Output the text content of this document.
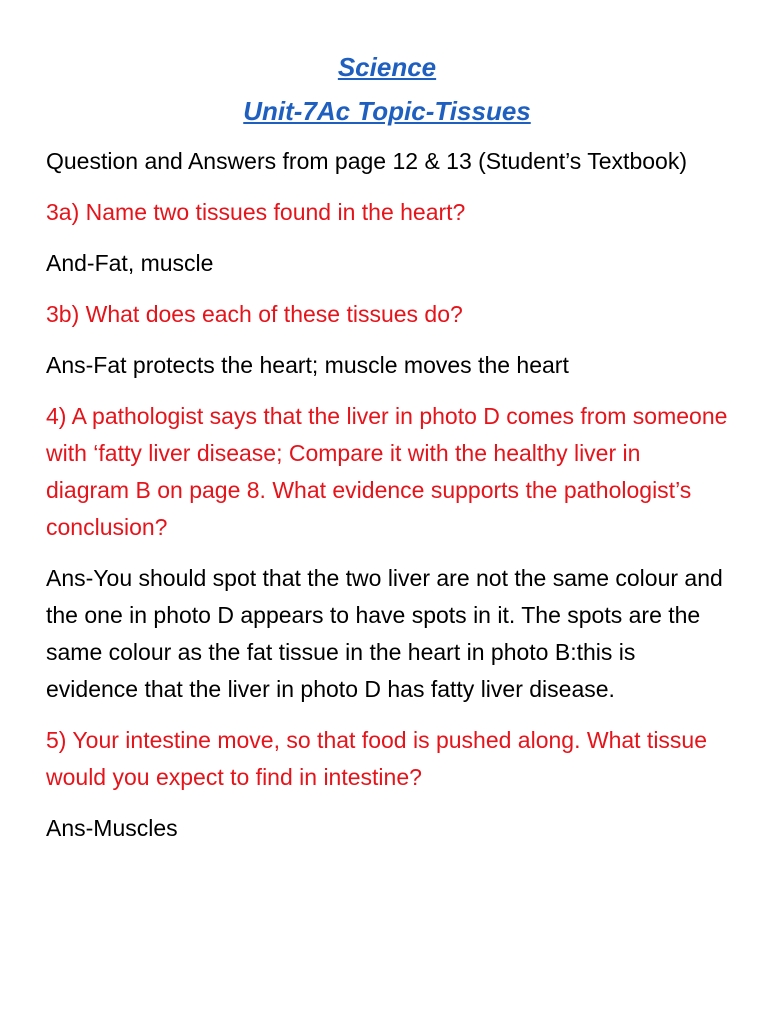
Science
Unit-7Ac Topic-Tissues

Question and Answers from page 12 & 13 (Student’s Textbook)

3a) Name two tissues found in the heart?

And-Fat, muscle

3b) What does each of these tissues do?

Ans-Fat protects the heart; muscle moves the heart

4) A pathologist says that the liver in photo D comes from someone with ‘fatty liver disease; Compare it with the healthy liver in diagram B on page 8. What evidence supports the pathologist’s conclusion?

Ans-You should spot that the two liver are not the same colour and the one in photo D appears to have spots in it. The spots are the same colour as the fat tissue in the heart in photo B:this is evidence that the liver in photo D has fatty liver disease.

5) Your intestine move, so that food is pushed along. What tissue would you expect to find in intestine?

Ans-Muscles
